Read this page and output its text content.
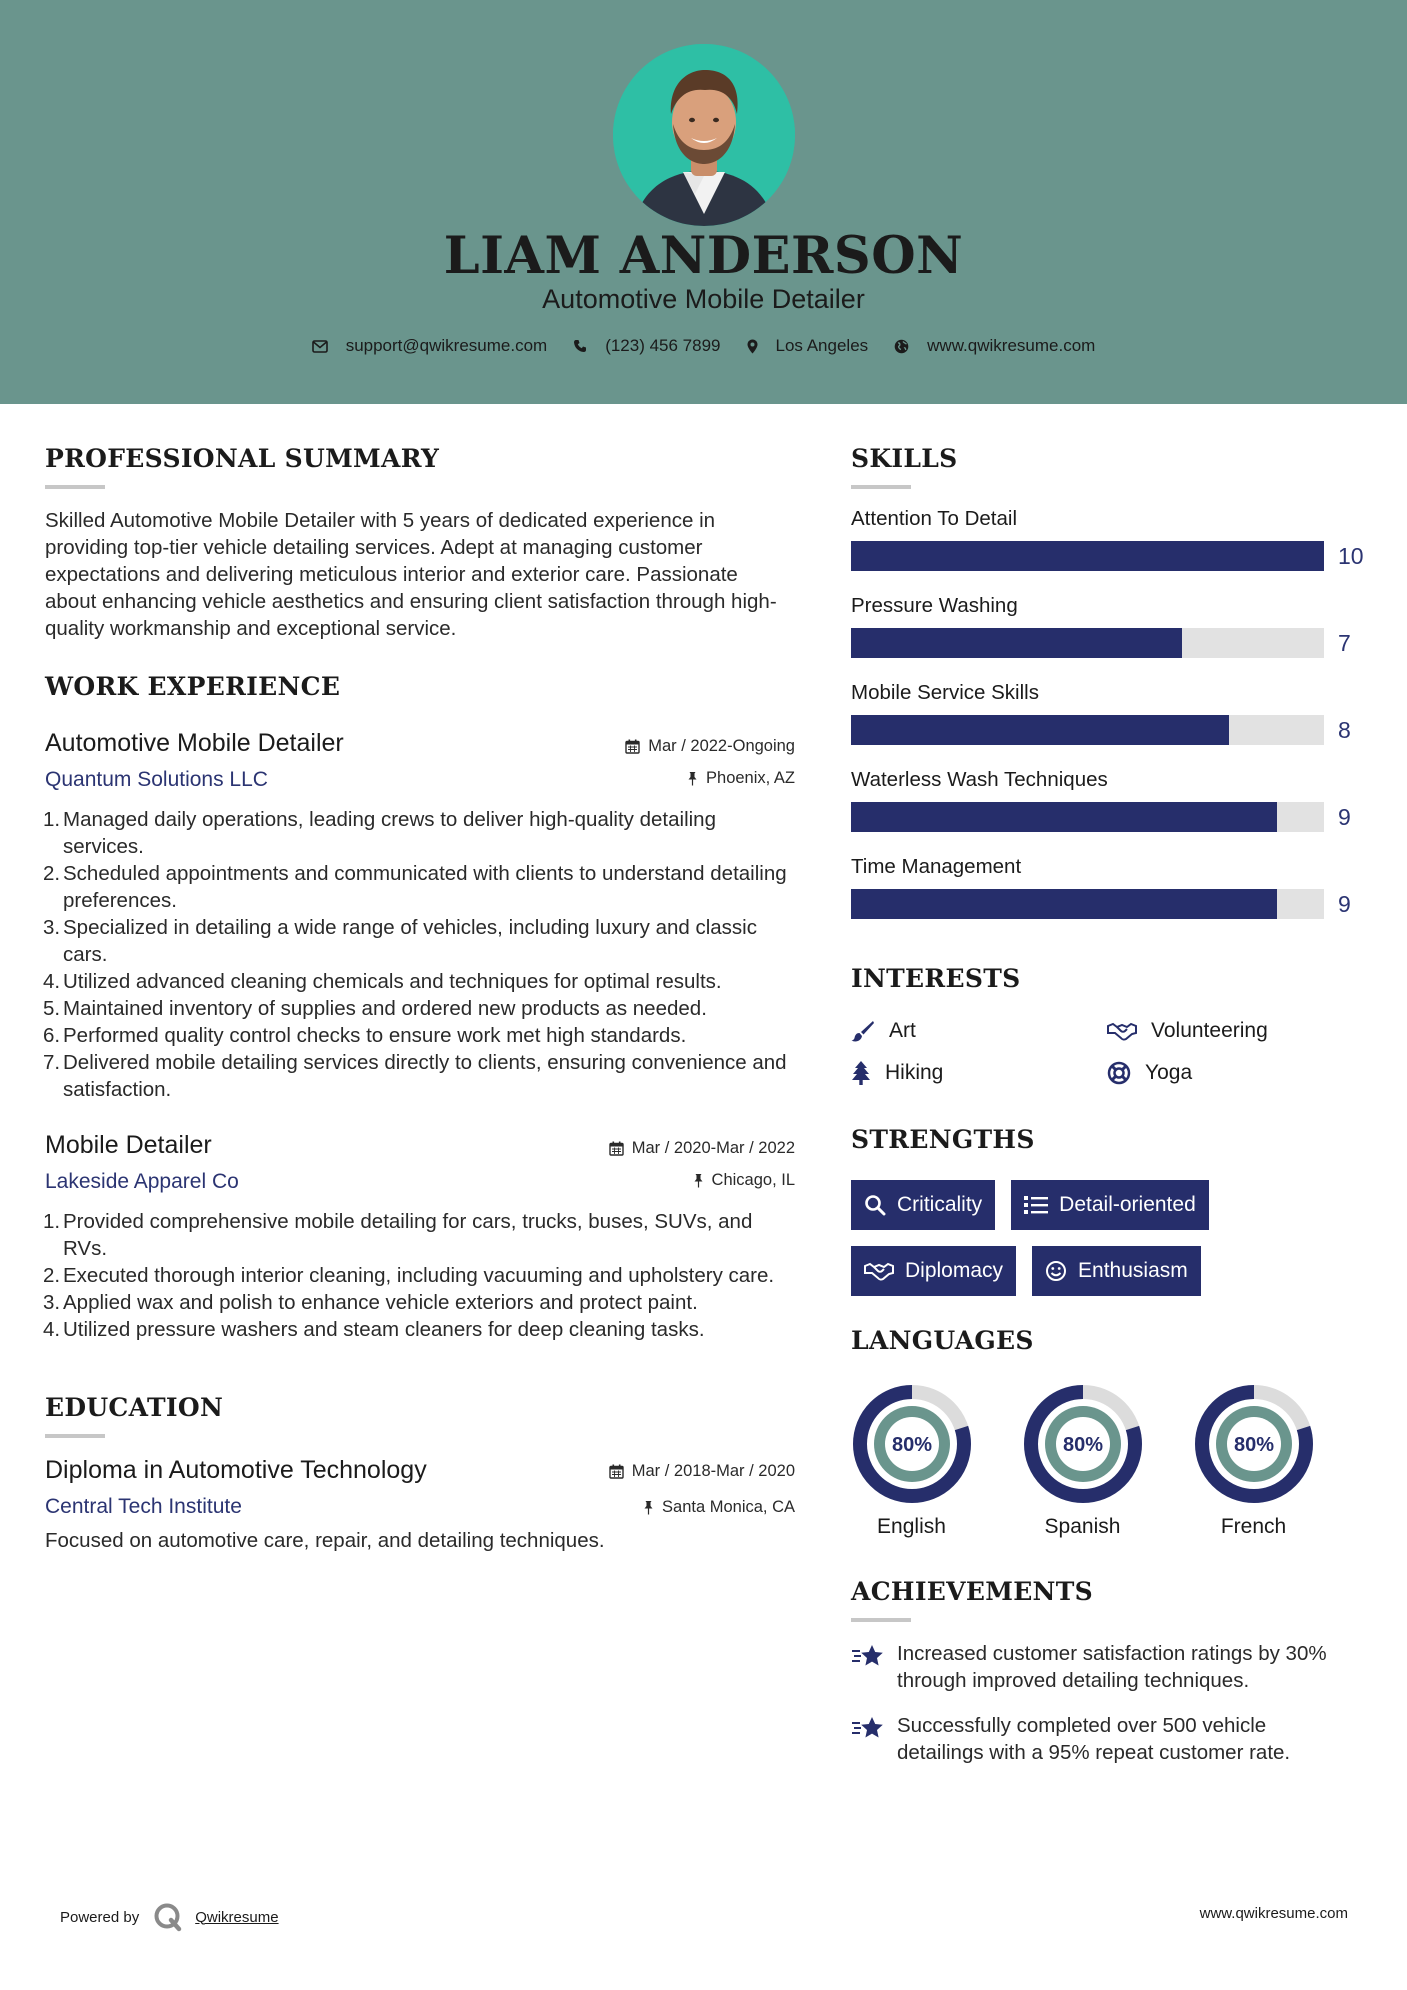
LIAM ANDERSON
Automotive Mobile Detailer
support@qwikresume.com	(123) 456 7899	Los Angeles	www.qwikresume.com
PROFESSIONAL SUMMARY
Skilled Automotive Mobile Detailer with 5 years of dedicated experience in providing top-tier vehicle detailing services. Adept at managing customer expectations and delivering meticulous interior and exterior care. Passionate about enhancing vehicle aesthetics and ensuring client satisfaction through high-quality workmanship and exceptional service.
WORK EXPERIENCE
Mar / 2022-Ongoing
Phoenix, AZ
Automotive Mobile Detailer
Quantum Solutions LLC
Managed daily operations, leading crews to deliver high-quality detailing services.
Scheduled appointments and communicated with clients to understand detailing preferences.
Specialized in detailing a wide range of vehicles, including luxury and classic cars.
Utilized advanced cleaning chemicals and techniques for optimal results.
Maintained inventory of supplies and ordered new products as needed.
Performed quality control checks to ensure work met high standards.
Delivered mobile detailing services directly to clients, ensuring convenience and satisfaction.
Mar / 2020-Mar / 2022
Chicago, IL
Mobile Detailer
Lakeside Apparel Co
Provided comprehensive mobile detailing for cars, trucks, buses, SUVs, and RVs.
Executed thorough interior cleaning, including vacuuming and upholstery care.
Applied wax and polish to enhance vehicle exteriors and protect paint.
Utilized pressure washers and steam cleaners for deep cleaning tasks.
EDUCATION
Mar / 2018-Mar / 2020
Santa Monica, CA
Diploma in Automotive Technology
Central Tech Institute
Focused on automotive care, repair, and detailing techniques.
SKILLS
Attention To Detail
10
Pressure Washing
7
Mobile Service Skills
8
Waterless Wash Techniques
9
Time Management
9
INTERESTS
Art	Volunteering
Hiking	Yoga
STRENGTHS
Criticality	Detail-oriented
Diplomacy	Enthusiasm
LANGUAGES
80%
English
80%
Spanish
80%
French
ACHIEVEMENTS
Increased customer satisfaction ratings by 30% through improved detailing techniques.
Successfully completed over 500 vehicle detailings with a 95% repeat customer rate.
Powered by	Qwikresume	www.qwikresume.com
